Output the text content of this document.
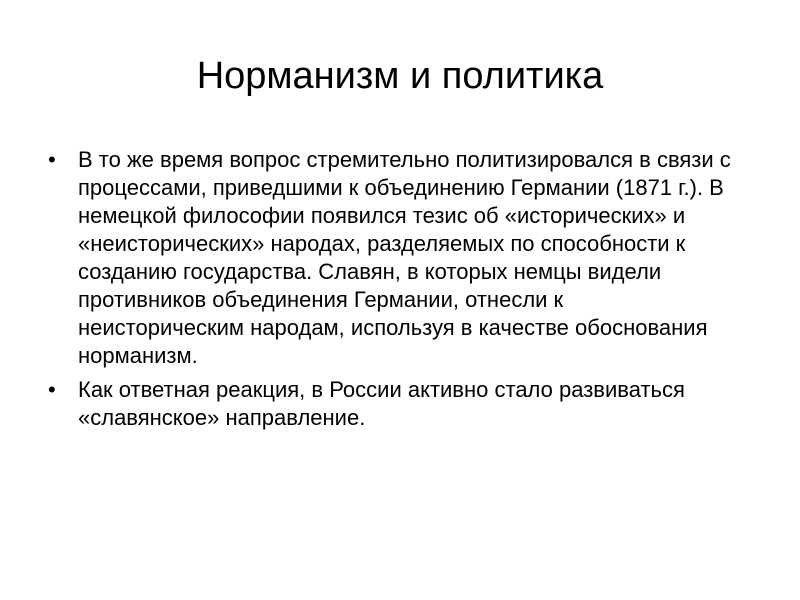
Норманизм и политика
• В то же время вопрос стремительно политизировался в связи с процессами, приведшими к объединению Германии (1871 г.). В немецкой философии появился тезис об «исторических» и «неисторических» народах, разделяемых по способности к созданию государства. Славян, в которых немцы видели противников объединения Германии, отнесли к неисторическим народам, используя в качестве обоснования норманизм.
• Как ответная реакция, в России активно стало развиваться «славянское» направление.
